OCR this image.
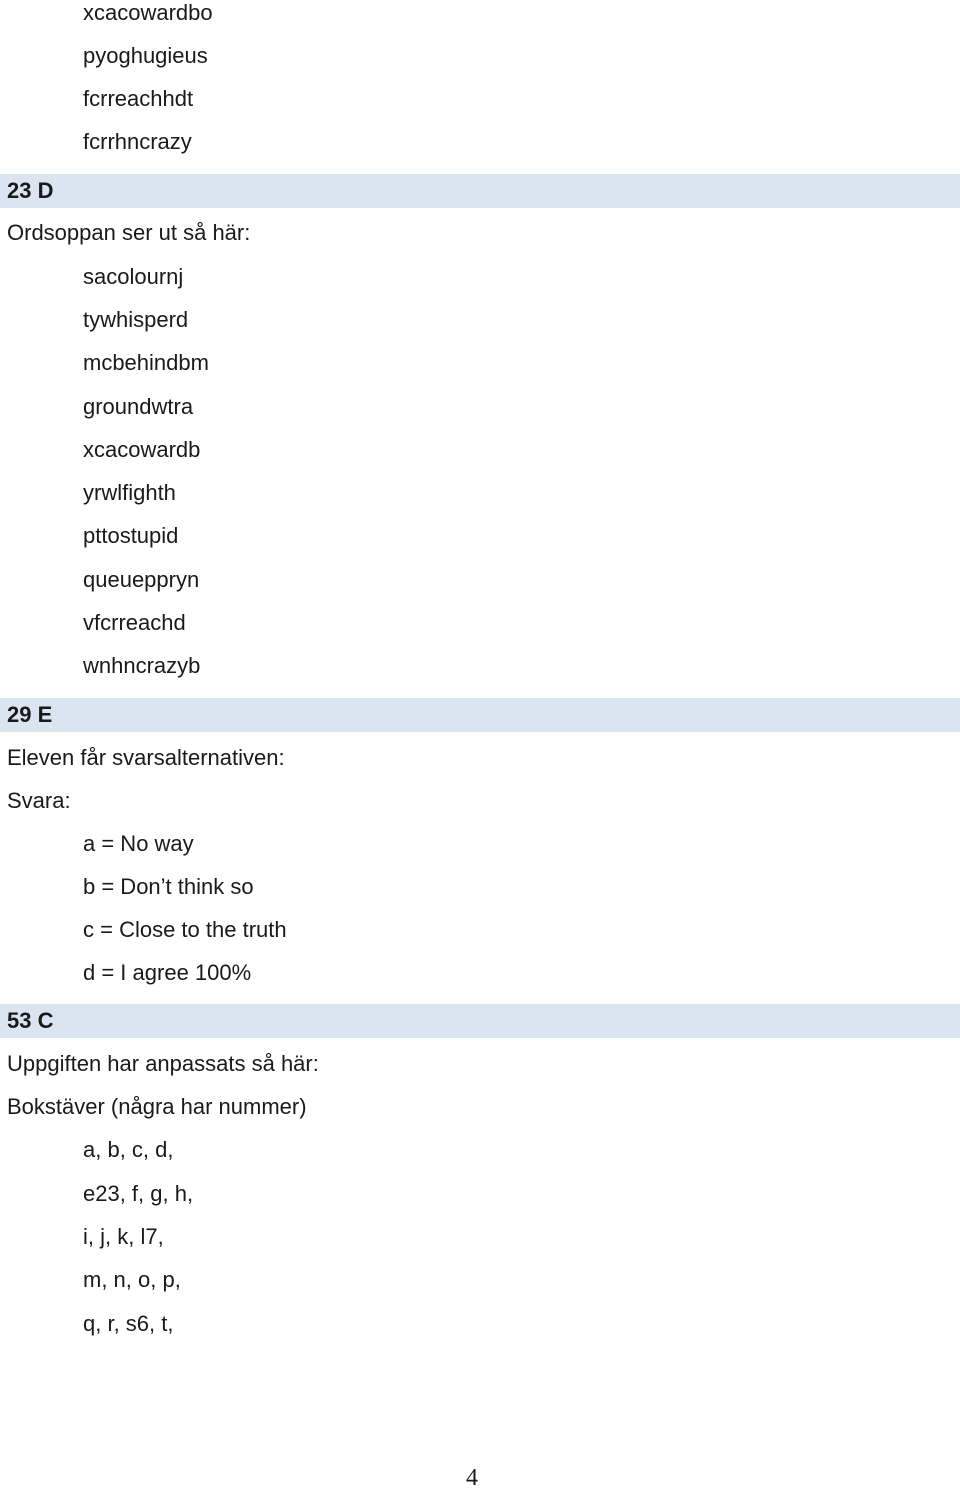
xcacowardbo
pyoghugieus
fcrreachhdt
fcrrhncrazy
23 D
Ordsoppan ser ut så här:
sacolournj
tywhisperd
mcbehindbm
groundwtra
xcacowardb
yrwlfighth
pttostupid
queueppryn
vfcrreachd
wnhncrazyb
29 E
Eleven får svarsalternativen:
Svara:
a = No way
b = Don’t think so
c = Close to the truth
d = I agree 100%
53 C
Uppgiften har anpassats så här:
Bokstäver (några har nummer)
a, b, c, d,
e23, f, g, h,
i, j, k, l7,
m, n, o, p,
q, r, s6, t,
4
